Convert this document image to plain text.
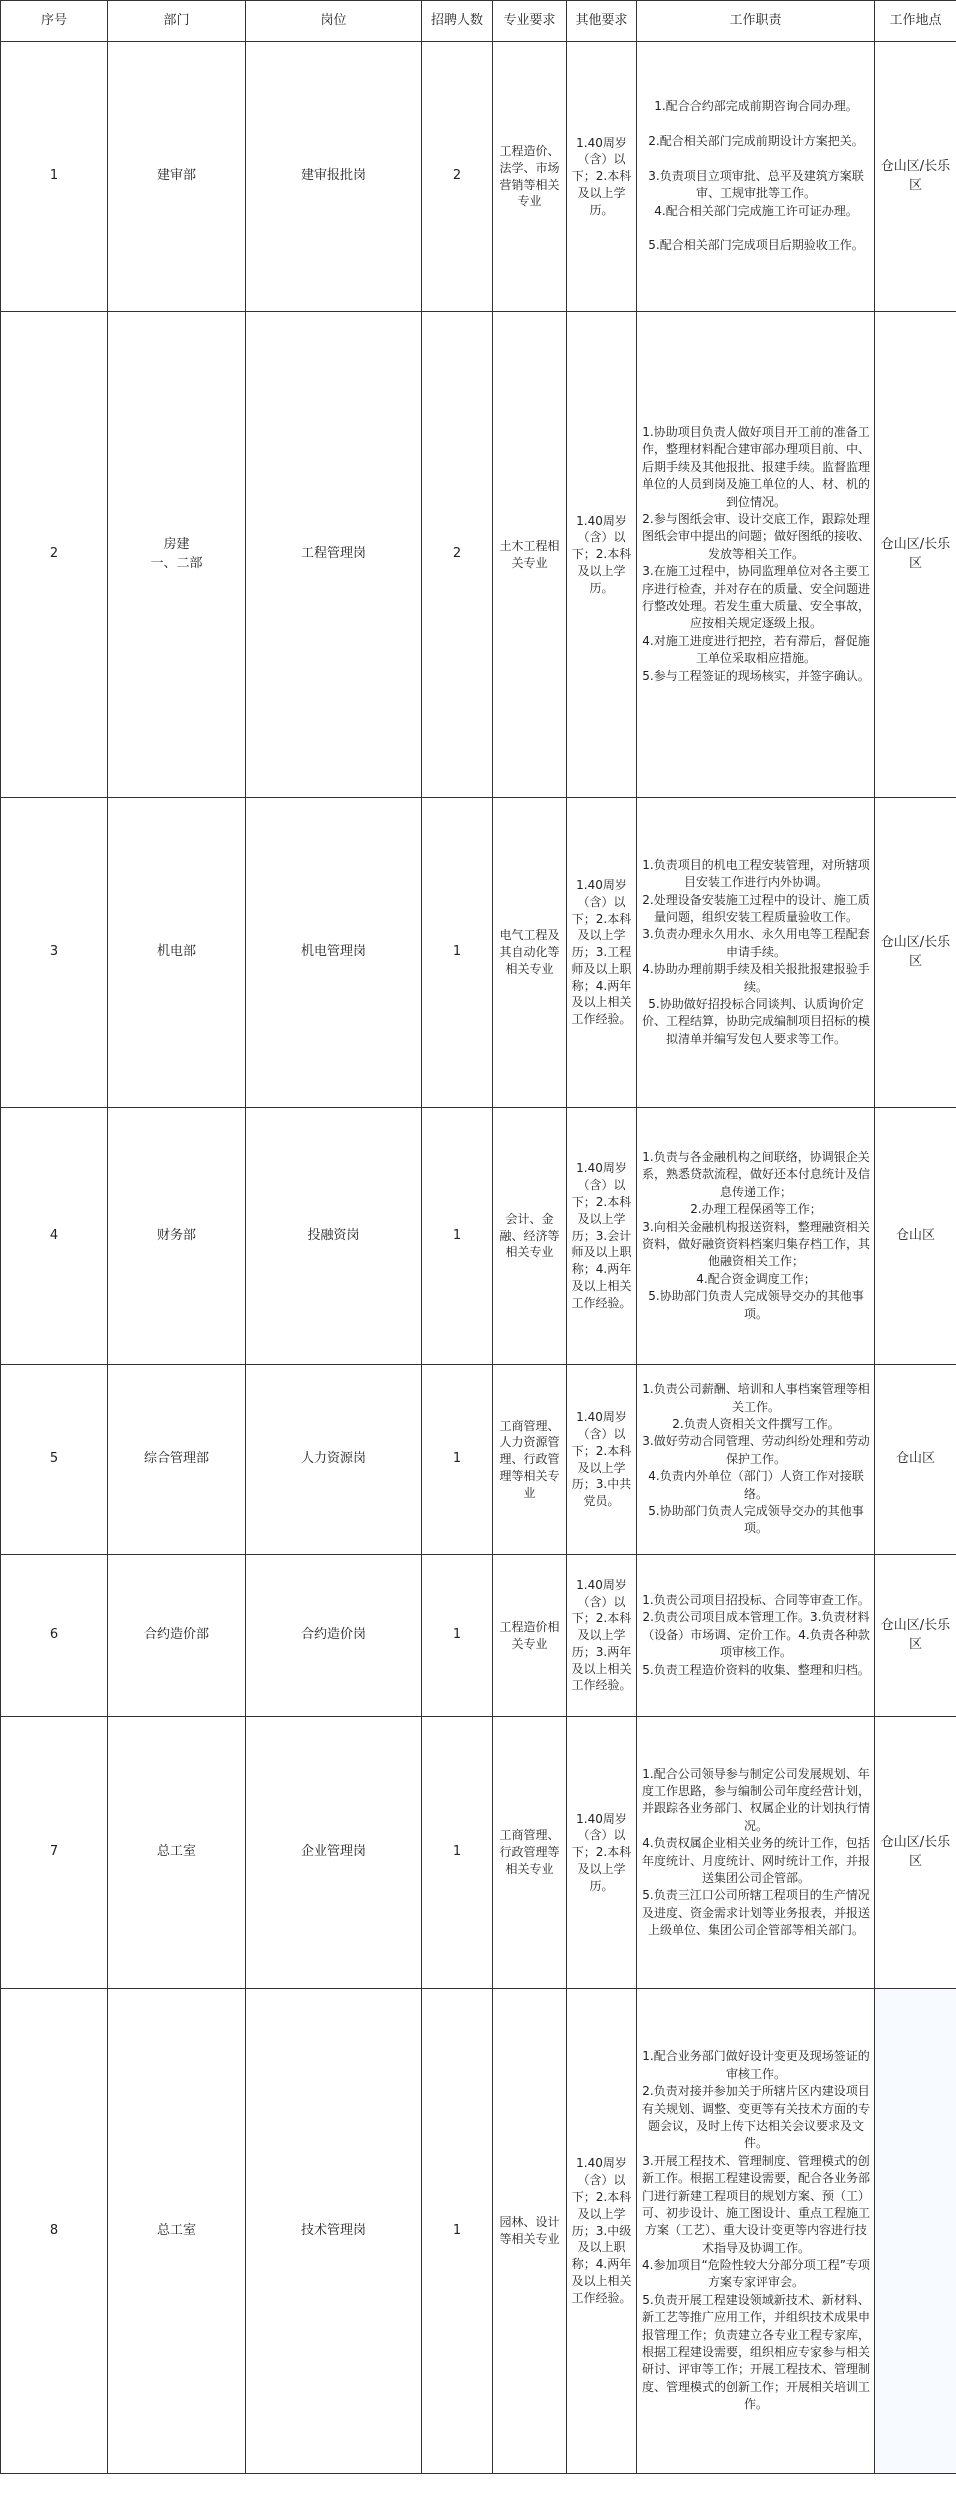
序号	部门	岗位	招聘人数	专业要求	其他要求	工作职责	工作地点
1	建审部	建审报批岗	2	工程造价、法学、市场营销等相关专业	1.40周岁（含）以下；2.本科及以上学历。	1.配合合约部完成前期咨询合同办理。

2.配合相关部门完成前期设计方案把关。

3.负责项目立项审批、总平及建筑方案联审、工规审批等工作。
4.配合相关部门完成施工许可证办理。

5.配合相关部门完成项目后期验收工作。	仓山区/长乐区
2	房建
一、二部	工程管理岗	2	土木工程相关专业	1.40周岁（含）以下；2.本科及以上学历。	1.协助项目负责人做好项目开工前的准备工作，整理材料配合建审部办理项目前、中、后期手续及其他报批、报建手续。监督监理单位的人员到岗及施工单位的人、材、机的到位情况。
2.参与图纸会审、设计交底工作，跟踪处理图纸会审中提出的问题；做好图纸的接收、发放等相关工作。
3.在施工过程中，协同监理单位对各主要工序进行检查，并对存在的质量、安全问题进行整改处理。若发生重大质量、安全事故，应按相关规定逐级上报。
4.对施工进度进行把控，若有滞后，督促施工单位采取相应措施。
5.参与工程签证的现场核实，并签字确认。	仓山区/长乐区
3	机电部	机电管理岗	1	电气工程及其自动化等相关专业	1.40周岁（含）以下；2.本科及以上学历；3.工程师及以上职称；4.两年及以上相关工作经验。	1.负责项目的机电工程安装管理，对所辖项目安装工作进行内外协调。
2.处理设备安装施工过程中的设计、施工质量问题，组织安装工程质量验收工作。
3.负责办理永久用水、永久用电等工程配套申请手续。
4.协助办理前期手续及相关报批报建报验手续。
5.协助做好招投标合同谈判、认质询价定价、工程结算，协助完成编制项目招标的模拟清单并编写发包人要求等工作。	仓山区/长乐区
4	财务部	投融资岗	1	会计、金融、经济等相关专业	1.40周岁（含）以下；2.本科及以上学历；3.会计师及以上职称；4.两年及以上相关工作经验。	1.负责与各金融机构之间联络，协调银企关系，熟悉贷款流程，做好还本付息统计及信息传递工作；
2.办理工程保函等工作；
3.向相关金融机构报送资料，整理融资相关资料，做好融资资料档案归集存档工作，其他融资相关工作；
4.配合资金调度工作；
5.协助部门负责人完成领导交办的其他事项。	仓山区
5	综合管理部	人力资源岗	1	工商管理、人力资源管理、行政管理等相关专业	1.40周岁（含）以下；2.本科及以上学历；3.中共党员。	1.负责公司薪酬、培训和人事档案管理等相关工作。
2.负责人资相关文件撰写工作。
3.做好劳动合同管理、劳动纠纷处理和劳动保护工作。
4.负责内外单位（部门）人资工作对接联络。
5.协助部门负责人完成领导交办的其他事项。	仓山区
6	合约造价部	合约造价岗	1	工程造价相关专业	1.40周岁（含）以下；2.本科及以上学历；3.两年及以上相关工作经验。	1.负责公司项目招投标、合同等审查工作。2.负责公司项目成本管理工作。3.负责材料（设备）市场调、定价工作。4.负责各种款项审核工作。
5.负责工程造价资料的收集、整理和归档。	仓山区/长乐区
7	总工室	企业管理岗	1	工商管理、行政管理等相关专业	1.40周岁（含）以下；2.本科及以上学历。	1.配合公司领导参与制定公司发展规划、年度工作思路，参与编制公司年度经营计划，并跟踪各业务部门、权属企业的计划执行情况。
4.负责权属企业相关业务的统计工作，包括年度统计、月度统计、网时统计工作，并报送集团公司企管部。
5.负责三江口公司所辖工程项目的生产情况及进度、资金需求计划等业务报表，并报送上级单位、集团公司企管部等相关部门。	仓山区/长乐区
8	总工室	技术管理岗	1	园林、设计等相关专业	1.40周岁（含）以下；2.本科及以上学历；3.中级及以上职称；4.两年及以上相关工作经验。	1.配合业务部门做好设计变更及现场签证的审核工作。
2.负责对接并参加关于所辖片区内建设项目有关规划、调整、变更等有关技术方面的专题会议，及时上传下达相关会议要求及文件。
3.开展工程技术、管理制度、管理模式的创新工作。根据工程建设需要，配合各业务部门进行新建工程项目的规划方案、预（工）可、初步设计、施工图设计、重点工程施工方案（工艺）、重大设计变更等内容进行技术指导及协调工作。
4.参加项目“危险性较大分部分项工程”专项方案专家评审会。
5.负责开展工程建设领域新技术、新材料、新工艺等推广应用工作，并组织技术成果申报管理工作；负责建立各专业工程专家库，根据工程建设需要，组织相应专家参与相关研讨、评审等工作；开展工程技术、管理制度、管理模式的创新工作；开展相关培训工作。	
